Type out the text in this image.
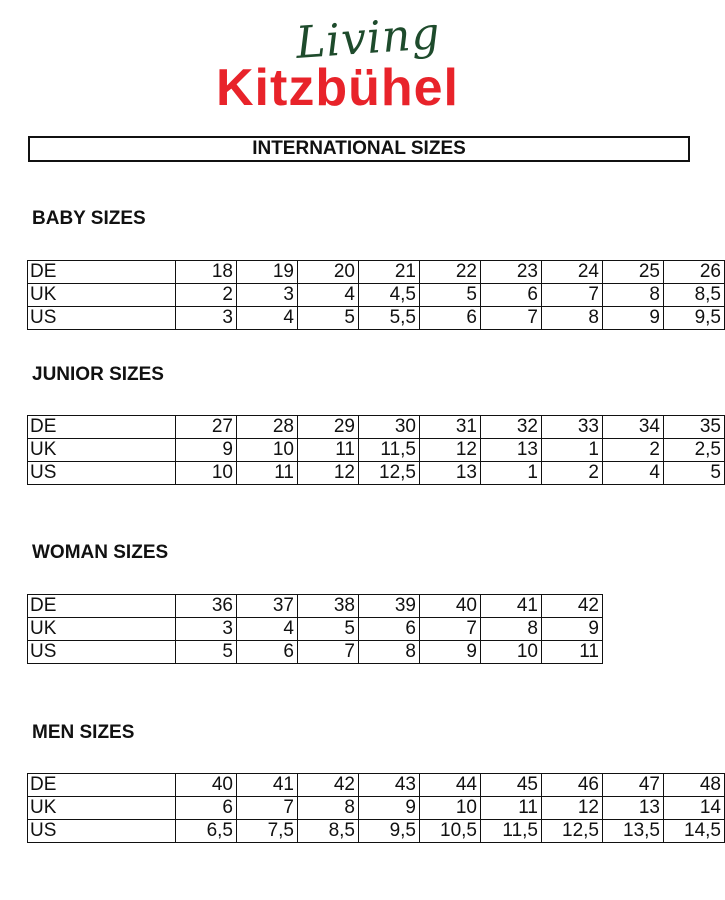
Living
Kitzbühel
INTERNATIONAL SIZES
BABY SIZES
DE	18	19	20	21	22	23	24	25	26
UK	2	3	4	4,5	5	6	7	8	8,5
US	3	4	5	5,5	6	7	8	9	9,5
JUNIOR SIZES
DE	27	28	29	30	31	32	33	34	35
UK	9	10	11	11,5	12	13	1	2	2,5
US	10	11	12	12,5	13	1	2	4	5
WOMAN SIZES
DE	36	37	38	39	40	41	42
UK	3	4	5	6	7	8	9
US	5	6	7	8	9	10	11
MEN SIZES
DE	40	41	42	43	44	45	46	47	48
UK	6	7	8	9	10	11	12	13	14
US	6,5	7,5	8,5	9,5	10,5	11,5	12,5	13,5	14,5
